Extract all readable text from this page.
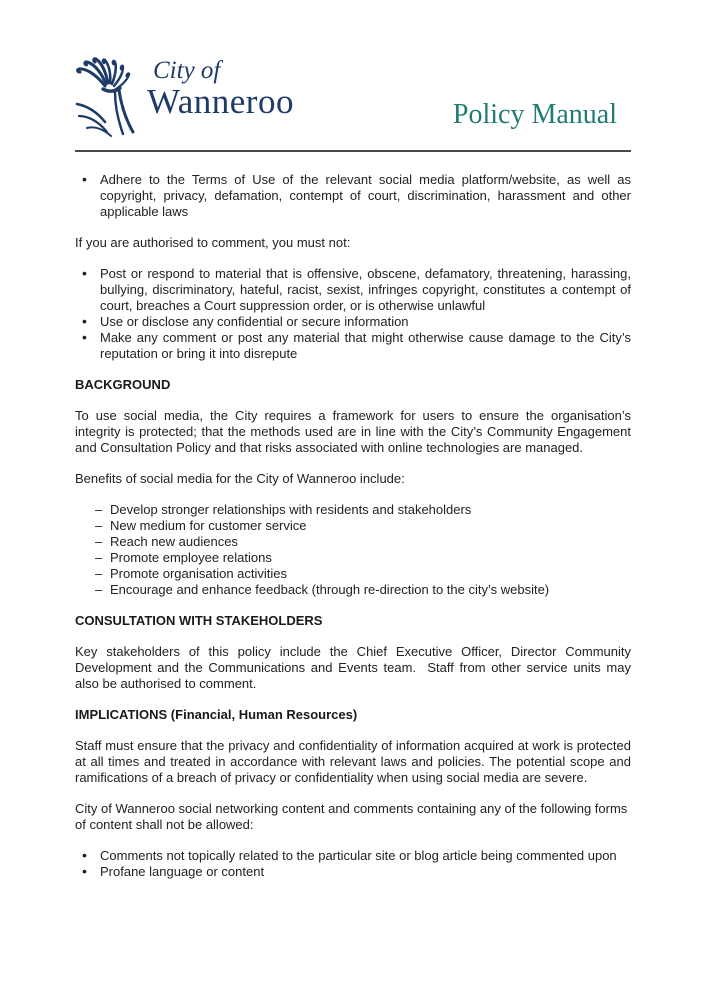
City of
Wanneroo	Policy Manual
• Adhere to the Terms of Use of the relevant social media platform/website, as well as copyright, privacy, defamation, contempt of court, discrimination, harassment and other applicable laws

If you are authorised to comment, you must not:

• Post or respond to material that is offensive, obscene, defamatory, threatening, harassing, bullying, discriminatory, hateful, racist, sexist, infringes copyright, constitutes a contempt of court, breaches a Court suppression order, or is otherwise unlawful
• Use or disclose any confidential or secure information
• Make any comment or post any material that might otherwise cause damage to the City’s reputation or bring it into disrepute
BACKGROUND

To use social media, the City requires a framework for users to ensure the organisation’s integrity is protected; that the methods used are in line with the City’s Community Engagement and Consultation Policy and that risks associated with online technologies are managed.

Benefits of social media for the City of Wanneroo include:

– Develop stronger relationships with residents and stakeholders
– New medium for customer service
– Reach new audiences
– Promote employee relations
– Promote organisation activities
– Encourage and enhance feedback (through re-direction to the city’s website)
CONSULTATION WITH STAKEHOLDERS

Key stakeholders of this policy include the Chief Executive Officer, Director Community Development and the Communications and Events team.  Staff from other service units may also be authorised to comment.

IMPLICATIONS (Financial, Human Resources)

Staff must ensure that the privacy and confidentiality of information acquired at work is protected at all times and treated in accordance with relevant laws and policies. The potential scope and ramifications of a breach of privacy or confidentiality when using social media are severe.

City of Wanneroo social networking content and comments containing any of the following forms of content shall not be allowed:

• Comments not topically related to the particular site or blog article being commented upon
• Profane language or content
